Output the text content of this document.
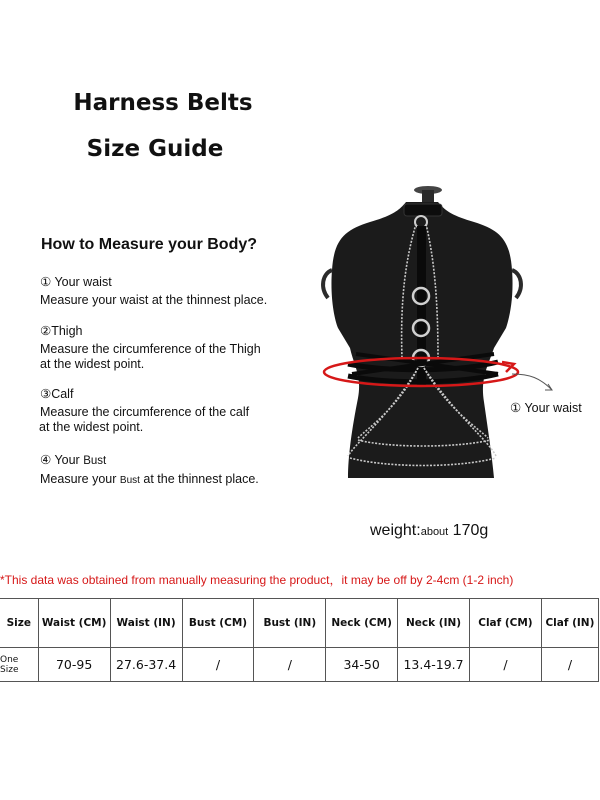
Harness Belts
Size Guide
How to Measure your Body?
① Your waist
Measure your waist at the thinnest place.
②Thigh
Measure the circumference of the Thigh
at the widest point.
③Calf
Measure the circumference of the calf
at the widest point.
④ Your Bust
Measure your Bust at the thinnest place.
① Your waist
weight:about 170g
*This data was obtained from manually measuring the product，it may be off by 2-4cm (1-2 inch)
Size	Waist (CM)	Waist (IN)	Bust (CM)	Bust (IN)	Neck (CM)	Neck (IN)	Claf (CM)	Claf (IN)
One Size	70-95	27.6-37.4	/	/	34-50	13.4-19.7	/	/
